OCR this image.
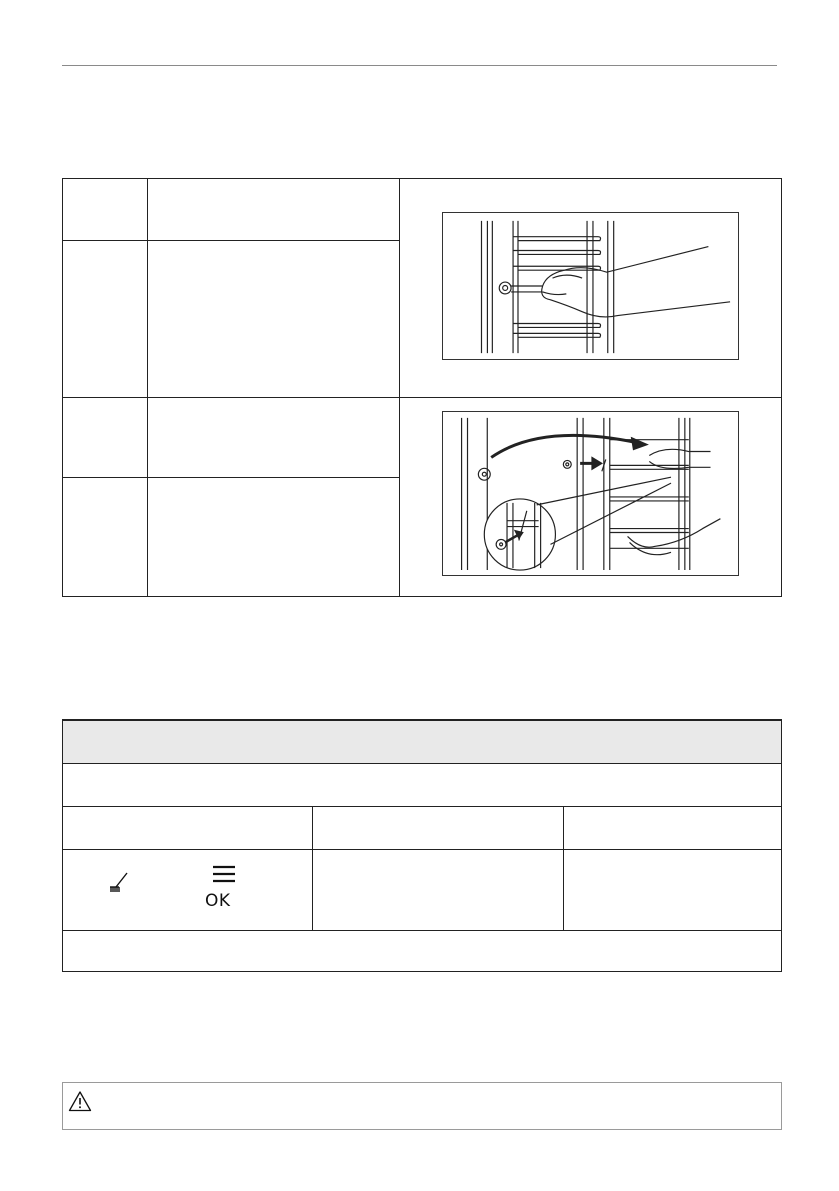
OK
